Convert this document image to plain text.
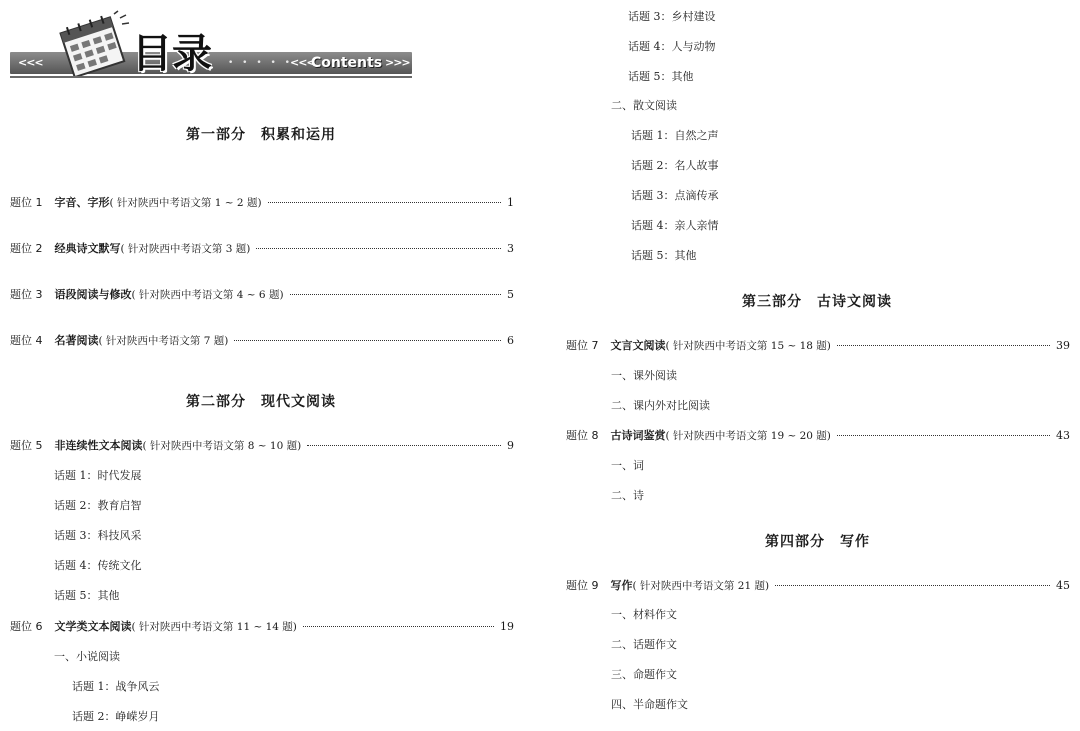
<<<	• • • • •
<<<	>>>
目录	Contents
第一部分　积累和运用
题位 1 字音、字形 ( 针对陕西中考语文第 1 ~ 2 题)	1
题位 2 经典诗文默写 ( 针对陕西中考语文第 3 题)	3
题位 3 语段阅读与修改 ( 针对陕西中考语文第 4 ~ 6 题)	5
题位 4 名著阅读 ( 针对陕西中考语文第 7 题)	6
第二部分　现代文阅读
题位 5 非连续性文本阅读 ( 针对陕西中考语文第 8 ~ 10 题)	9
话题 1：时代发展
话题 2：教育启智
话题 3：科技风采
话题 4：传统文化
话题 5：其他
题位 6 文学类文本阅读 ( 针对陕西中考语文第 11 ~ 14 题)	19
一、小说阅读
话题 1：战争风云
话题 2：峥嵘岁月
话题 3：乡村建设
话题 4：人与动物
话题 5：其他
二、散文阅读
话题 1：自然之声
话题 2：名人故事
话题 3：点滴传承
话题 4：亲人亲情
话题 5：其他
第三部分　古诗文阅读
题位 7 文言文阅读 ( 针对陕西中考语文第 15 ~ 18 题)	39
一、课外阅读
二、课内外对比阅读
题位 8 古诗词鉴赏 ( 针对陕西中考语文第 19 ~ 20 题)	43
一、词
二、诗
第四部分　写作
题位 9 写作 ( 针对陕西中考语文第 21 题)	45
一、材料作文
二、话题作文
三、命题作文
四、半命题作文
